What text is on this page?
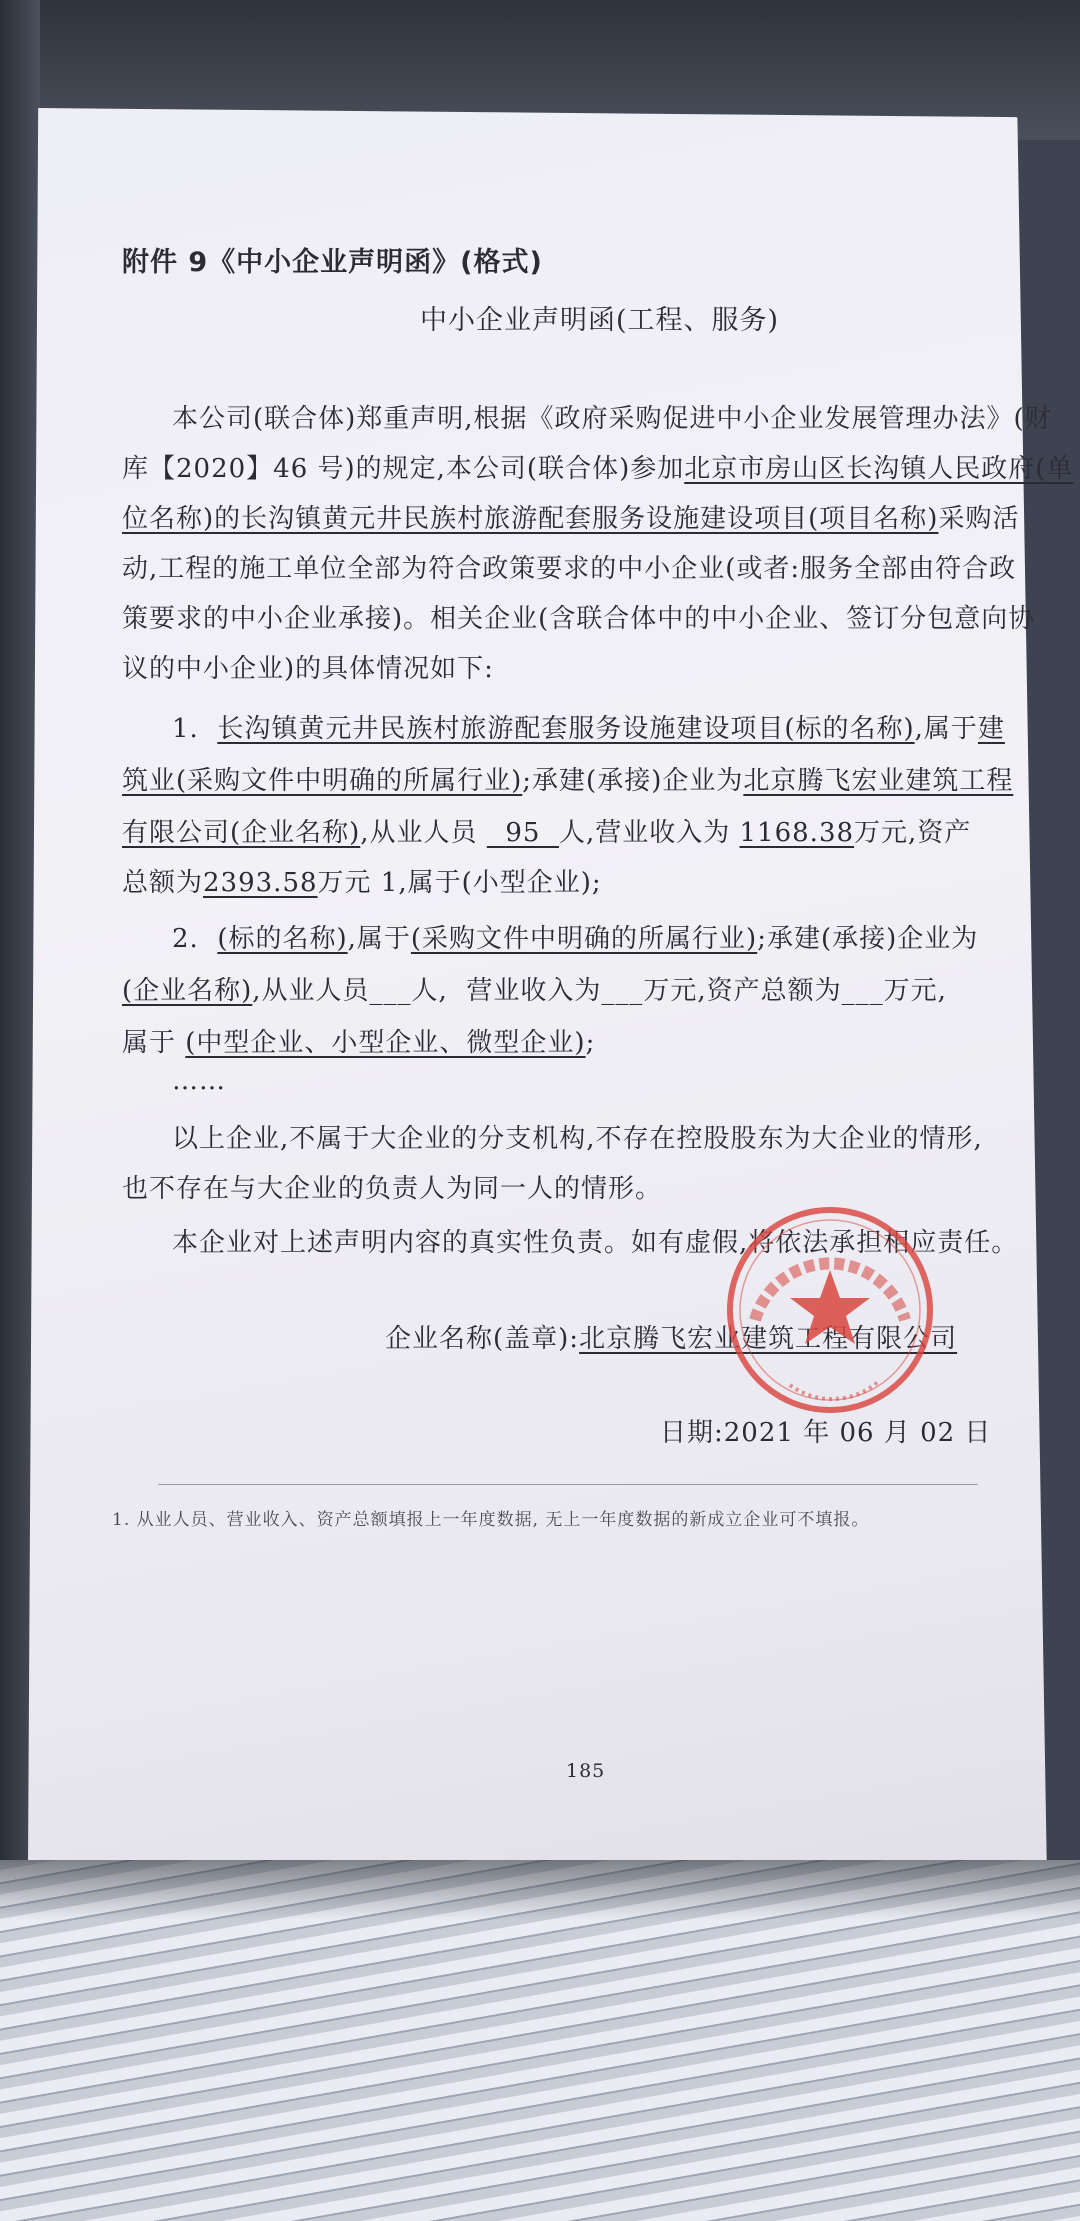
附件 9《中小企业声明函》(格式)
中小企业声明函(工程、服务)
本公司(联合体)郑重声明,根据《政府采购促进中小企业发展管理办法》(财
库【2020】46 号)的规定,本公司(联合体)参加北京市房山区长沟镇人民政府(单
位名称)的长沟镇黄元井民族村旅游配套服务设施建设项目(项目名称)采购活
动,工程的施工单位全部为符合政策要求的中小企业(或者:服务全部由符合政
策要求的中小企业承接)。相关企业(含联合体中的中小企业、签订分包意向协
议的中小企业)的具体情况如下:
1. 长沟镇黄元井民族村旅游配套服务设施建设项目(标的名称),属于建
筑业(采购文件中明确的所属行业);承建(承接)企业为北京腾飞宏业建筑工程
有限公司(企业名称),从业人员 95 人,营业收入为 1168.38万元,资产
总额为2393.58万元 1,属于(小型企业);
2. (标的名称),属于(采购文件中明确的所属行业);承建(承接)企业为
(企业名称),从业人员___人, 营业收入为___万元,资产总额为___万元,
属于 (中型企业、小型企业、微型企业);
……
以上企业,不属于大企业的分支机构,不存在控股股东为大企业的情形,
也不存在与大企业的负责人为同一人的情形。
本企业对上述声明内容的真实性负责。如有虚假,将依法承担相应责任。
企业名称(盖章):北京腾飞宏业建筑工程有限公司
日期:2021 年 06 月 02 日
1. 从业人员、营业收入、资产总额填报上一年度数据, 无上一年度数据的新成立企业可不填报。
185
